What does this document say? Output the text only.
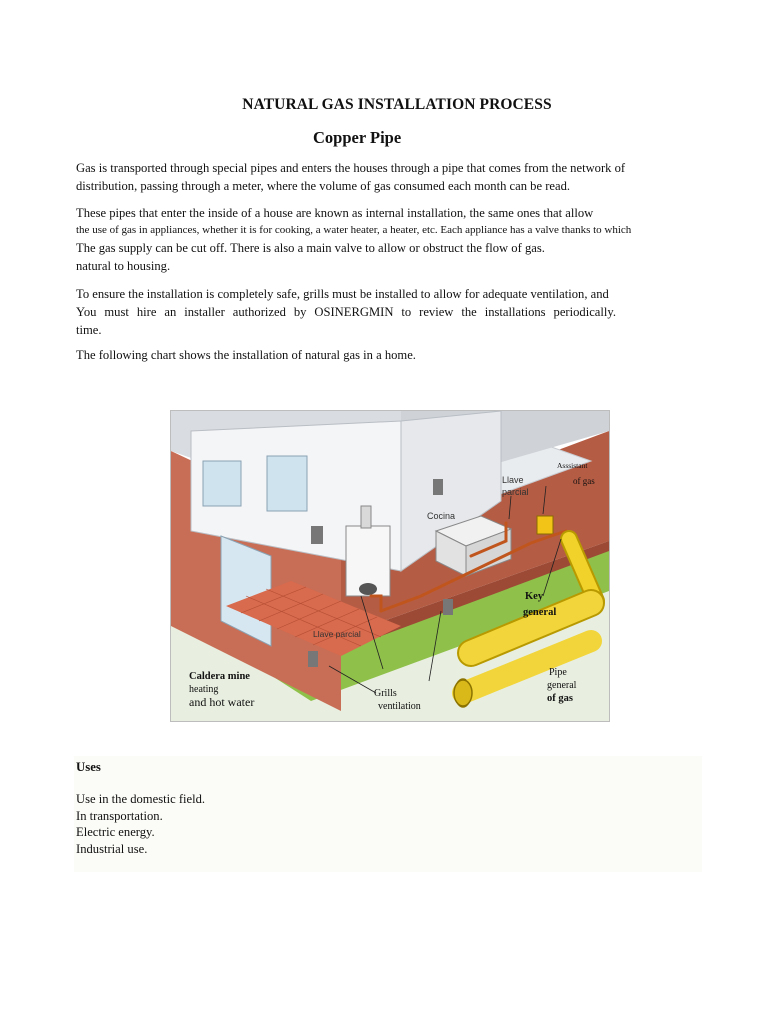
NATURAL GAS INSTALLATION PROCESS
Copper Pipe
Gas is transported through special pipes and enters the houses through a pipe that comes from the network of
distribution, passing through a meter, where the volume of gas consumed each month can be read.
These pipes that enter the inside of a house are known as internal installation, the same ones that allow
the use of gas in appliances, whether it is for cooking, a water heater, a heater, etc. Each appliance has a valve thanks to which
The gas supply can be cut off. There is also a main valve to allow or obstruct the flow of gas.
natural to housing.
To ensure the installation is completely safe, grills must be installed to allow for adequate ventilation, and
You must hire an installer authorized by OSINERGMIN to review the installations periodically.
time.
The following chart shows the installation of natural gas in a home.
Asssistant
of gas
Llave
parcial
Cocina
Key
general
Llave parcial
Caldera mine
heating
and hot water
Grills
ventilation
Pipe
general
of gas
Uses
Use in the domestic field.
In transportation.
Electric energy.
Industrial use.
